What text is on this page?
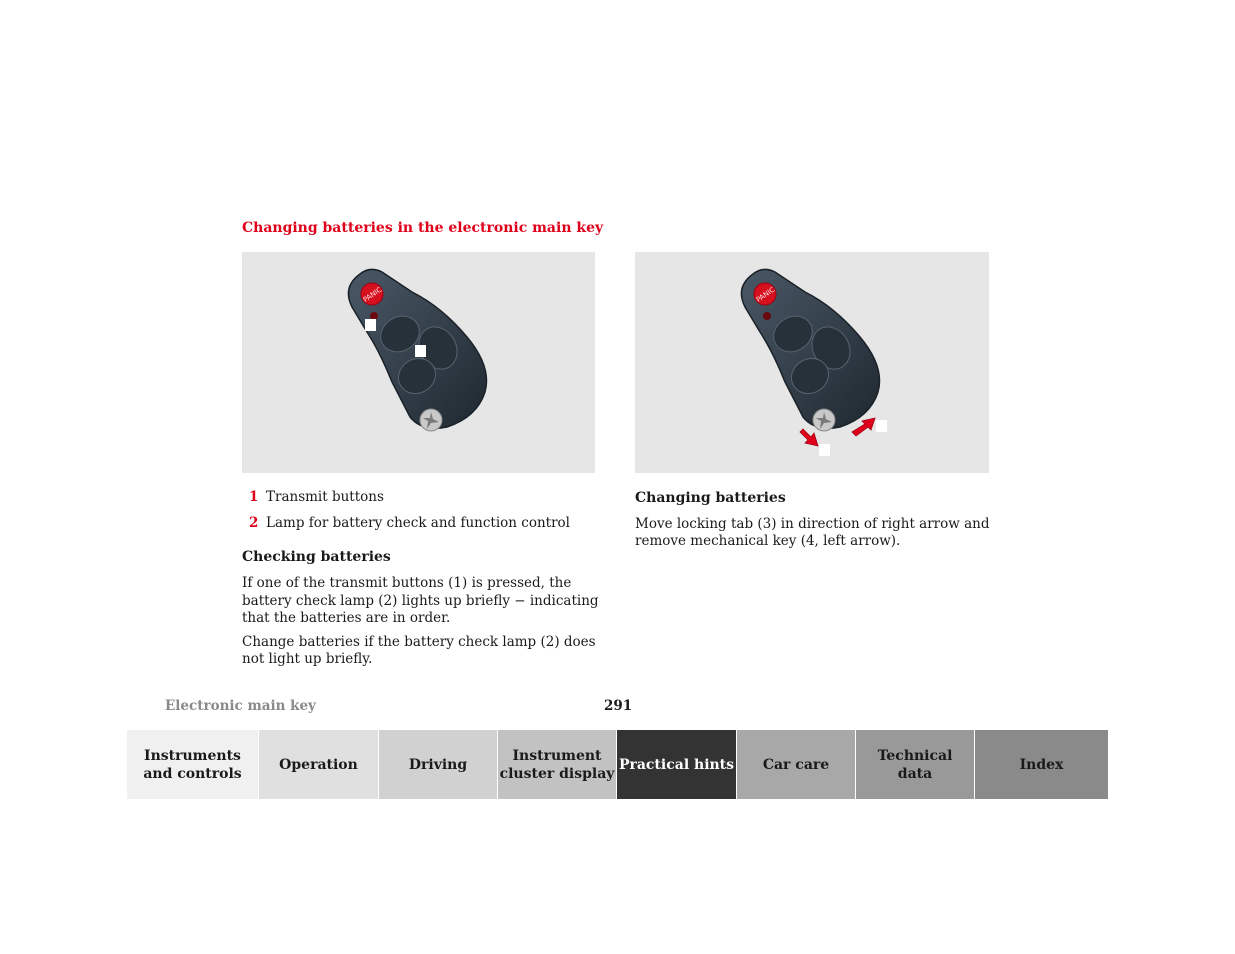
Changing batteries in the electronic main key
PANIC	PANIC
1 Transmit buttons
2 Lamp for battery check and function control
Checking batteries

If one of the transmit buttons (1) is pressed, the battery check lamp (2) lights up briefly − indicating that the batteries are in order.

Change batteries if the battery check lamp (2) does not light up briefly.

Changing batteries

Move locking tab (3) in direction of right arrow and remove mechanical key (4, left arrow).

Electronic main key	291
Instruments
and controls
Operation	Driving
Instrument
cluster display
Practical hints Car care
Technical
data
Index
